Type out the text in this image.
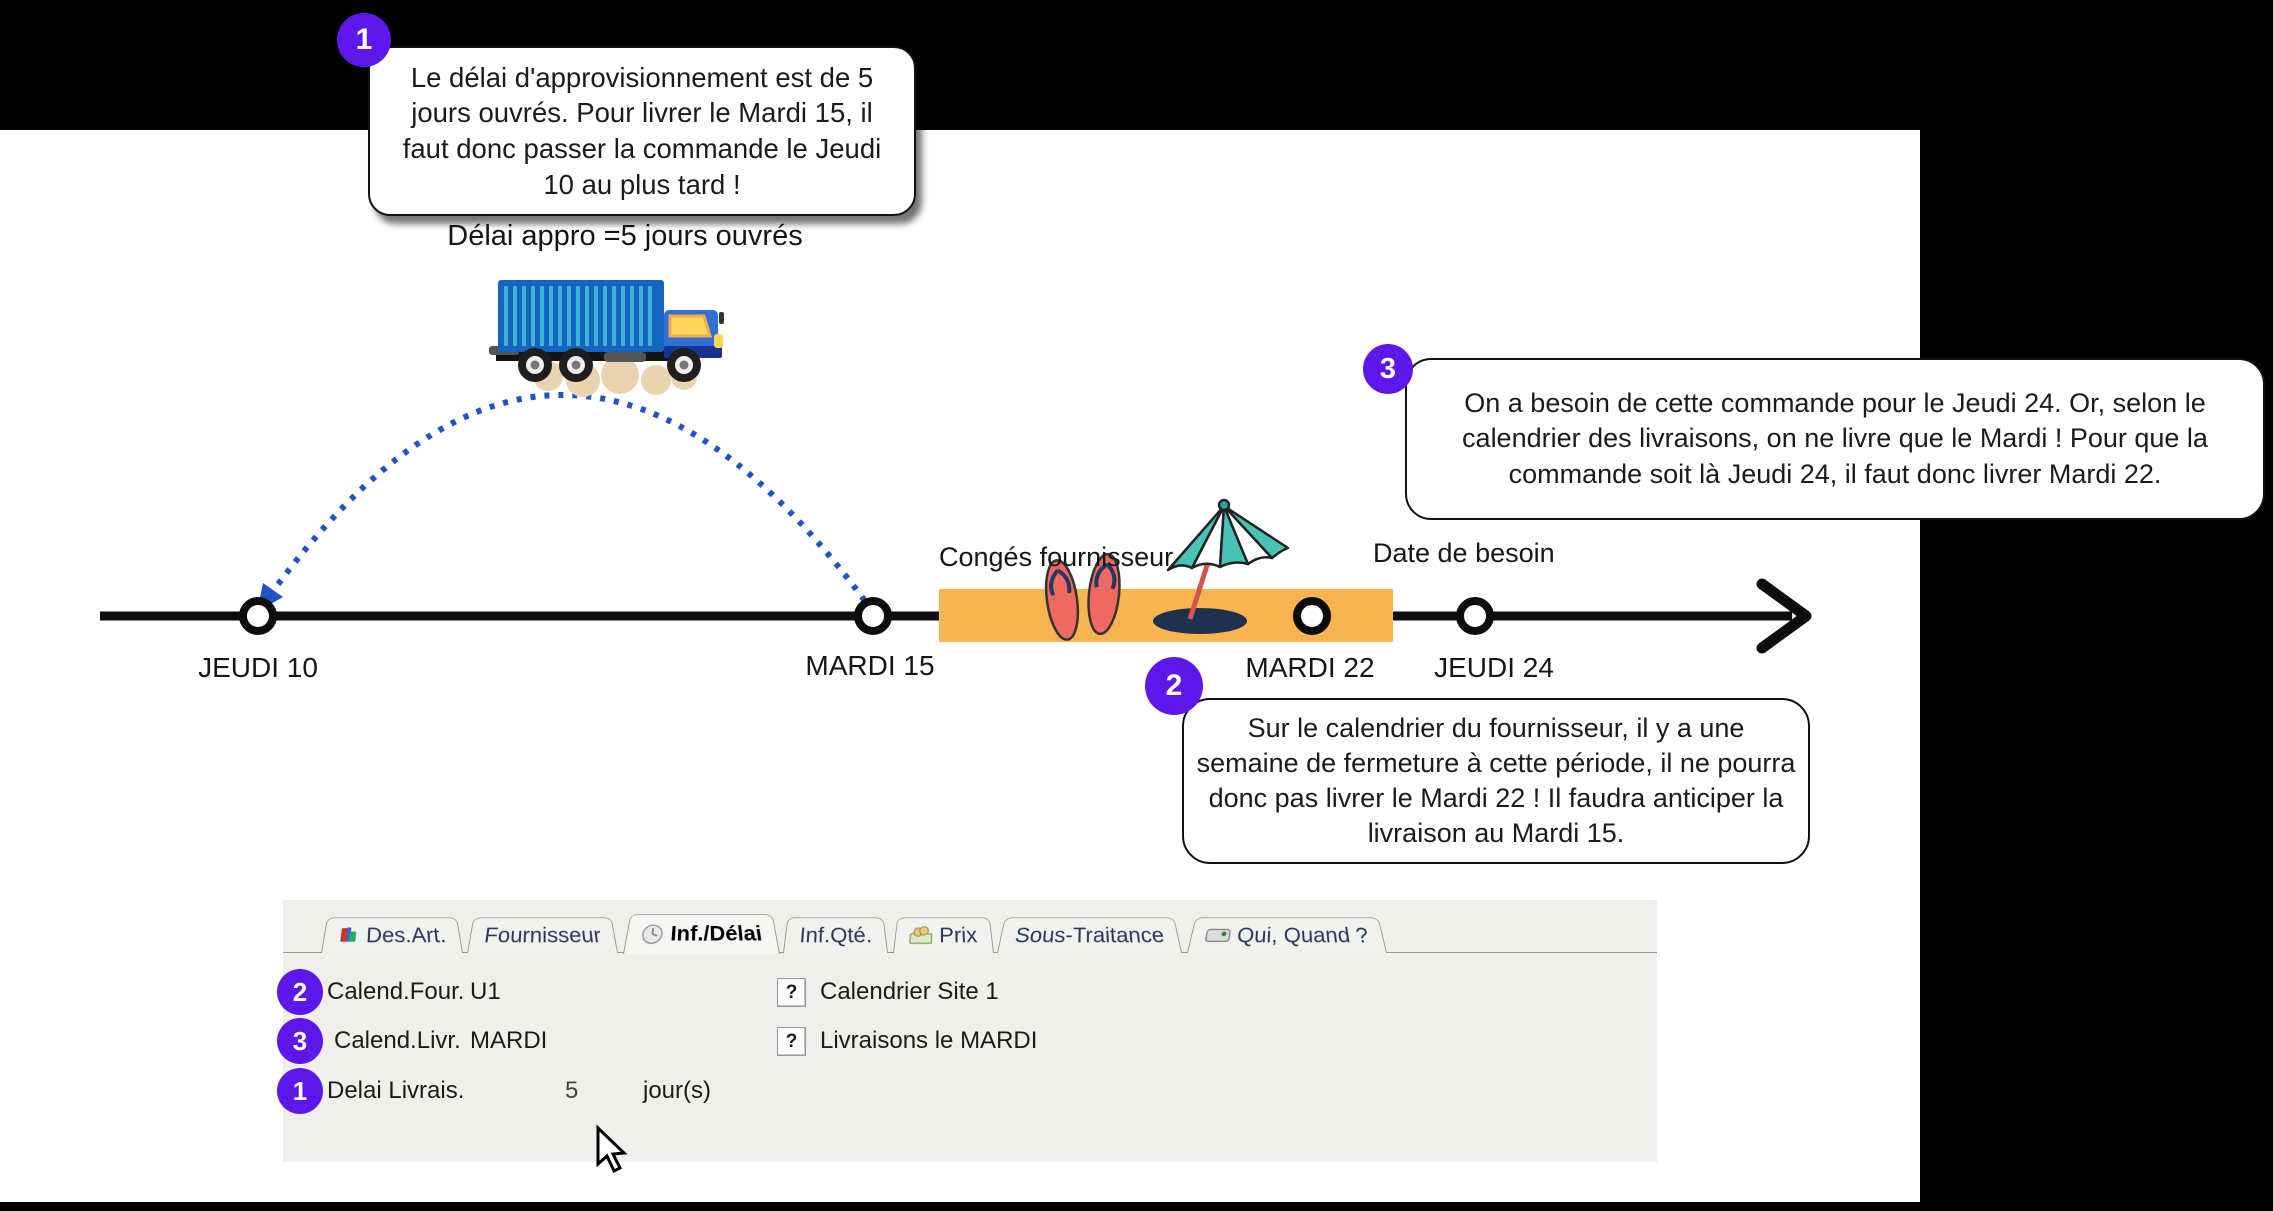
Délai appro =5 jours ouvrés
Congés fournisseur	Date de besoin
JEUDI 10	MARDI 15	MARDI 22	JEUDI 24
Le délai d'approvisionnement est de 5 jours ouvrés. Pour livrer le Mardi 15, il faut donc passer la commande le Jeudi 10 au plus tard !
1
On a besoin de cette commande pour le Jeudi 24. Or, selon le calendrier des livraisons, on ne livre que le Mardi ! Pour que la commande soit là Jeudi 24, il faut donc livrer Mardi 22.
3
Sur le calendrier du fournisseur, il y a une semaine de fermeture à cette période, il ne pourra donc pas livrer le Mardi 22 ! Il faudra anticiper la livraison au Mardi 15.
2
Des.Art. Fournisseur	Inf./Délai Inf.Qté.	Prix Sous-Traitance	Qui, Quand ?
Calend.Four. U1	? Calendrier Site 1
Calend.Livr. MARDI	? Livraisons le MARDI
Delai Livrais.	5	jour(s)
2
3
1
